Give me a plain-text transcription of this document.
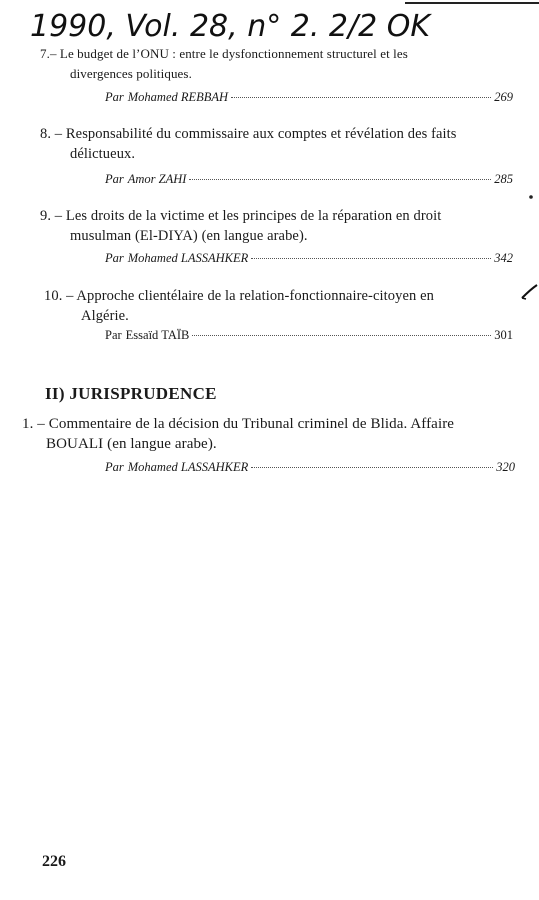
1990, Vol. 28, n° 2. 2/2 OK

7.– Le budget de l’ONU : entre le dysfonctionnement structurel et les
divergences politiques.

Par Mohamed REBBAH	269

8. – Responsabilité du commissaire aux comptes et révélation des faits
délictueux.

Par Amor ZAHI	285

9. – Les droits de la victime et les principes de la réparation en droit
musulman (El-DIYA) (en langue arabe).

Par Mohamed LASSAHKER	342

10. – Approche clientélaire de la relation-fonctionnaire-citoyen en
Algérie.

Par Essaïd TAÏB	301
II) JURISPRUDENCE

1. – Commentaire de la décision du Tribunal criminel de Blida. Affaire
BOUALI (en langue arabe).

Par Mohamed LASSAHKER	320
226
